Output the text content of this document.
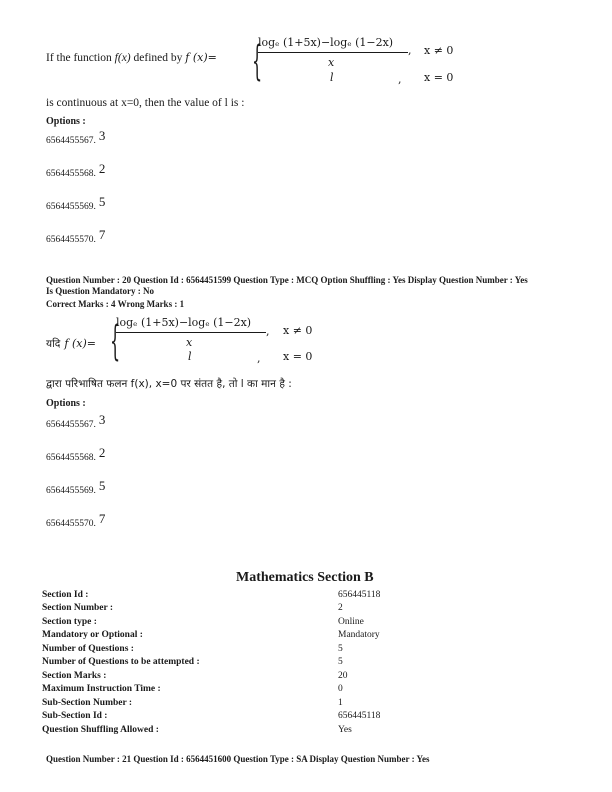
If the function f(x) defined by f (x)= {
logₑ (1+5x)−logₑ (1−2x)
x
, x ≠ 0
l	, x = 0
is continuous at x=0, then the value of l is :
Options :
6564455567. 3
6564455568. 2
6564455569. 5
6564455570. 7
Question Number : 20 Question Id : 6564451599 Question Type : MCQ Option Shuffling : Yes Display Question Number : Yes
Is Question Mandatory : No
Correct Marks : 4 Wrong Marks : 1
यदि f (x)= {
logₑ (1+5x)−logₑ (1−2x)
x
, x ≠ 0
l	, x = 0
द्वारा परिभाषित फलन f(x), x=0 पर संतत है, तो l का मान है :
Options :
6564455567. 3
6564455568. 2
6564455569. 5
6564455570. 7
Mathematics Section B
Section Id :	656445118
Section Number :	2
Section type :	Online
Mandatory or Optional :	Mandatory
Number of Questions :	5
Number of Questions to be attempted :	5
Section Marks :	20
Maximum Instruction Time :	0
Sub-Section Number :	1
Sub-Section Id :	656445118
Question Shuffling Allowed :	Yes
Question Number : 21 Question Id : 6564451600 Question Type : SA Display Question Number : Yes
